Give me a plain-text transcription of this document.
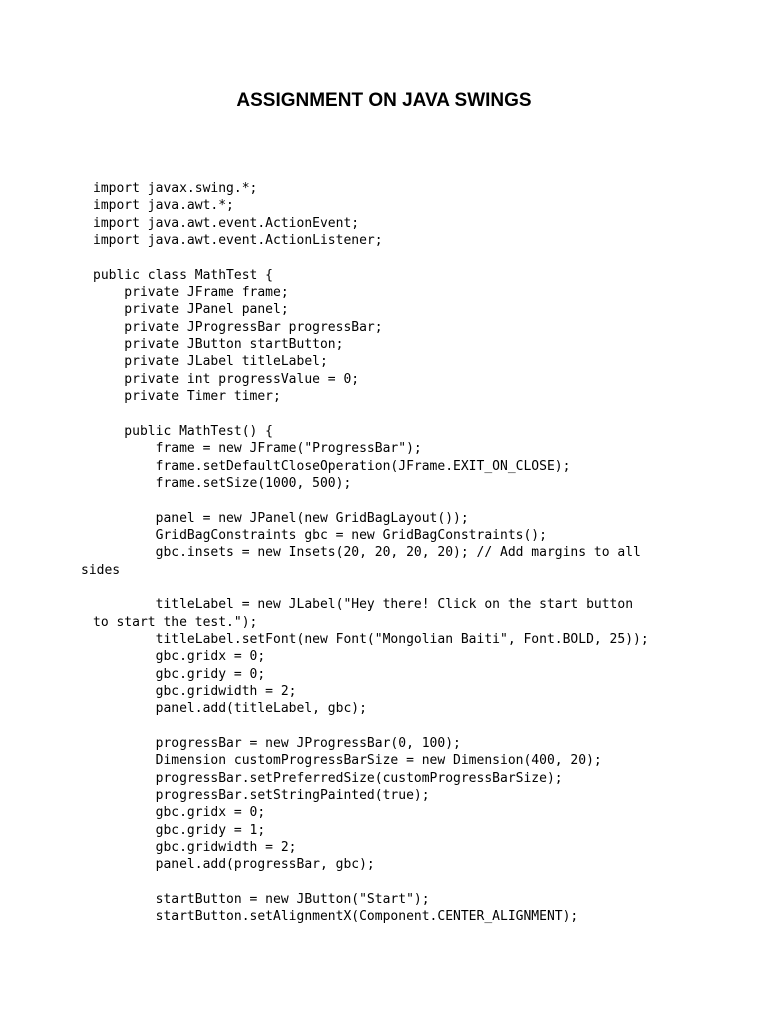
ASSIGNMENT ON JAVA SWINGS
import javax.swing.*;
import java.awt.*;
import java.awt.event.ActionEvent;
import java.awt.event.ActionListener;
public class MathTest {
private JFrame frame;
private JPanel panel;
private JProgressBar progressBar;
private JButton startButton;
private JLabel titleLabel;
private int progressValue = 0;
private Timer timer;
public MathTest() {
frame = new JFrame("ProgressBar");
frame.setDefaultCloseOperation(JFrame.EXIT_ON_CLOSE);
frame.setSize(1000, 500);
panel = new JPanel(new GridBagLayout());
GridBagConstraints gbc = new GridBagConstraints();
gbc.insets = new Insets(20, 20, 20, 20); // Add margins to all
sides
titleLabel = new JLabel("Hey there! Click on the start button
to start the test.");
titleLabel.setFont(new Font("Mongolian Baiti", Font.BOLD, 25));
gbc.gridx = 0;
gbc.gridy = 0;
gbc.gridwidth = 2;
panel.add(titleLabel, gbc);
progressBar = new JProgressBar(0, 100);
Dimension customProgressBarSize = new Dimension(400, 20);
progressBar.setPreferredSize(customProgressBarSize);
progressBar.setStringPainted(true);
gbc.gridx = 0;
gbc.gridy = 1;
gbc.gridwidth = 2;
panel.add(progressBar, gbc);
startButton = new JButton("Start");
startButton.setAlignmentX(Component.CENTER_ALIGNMENT);
